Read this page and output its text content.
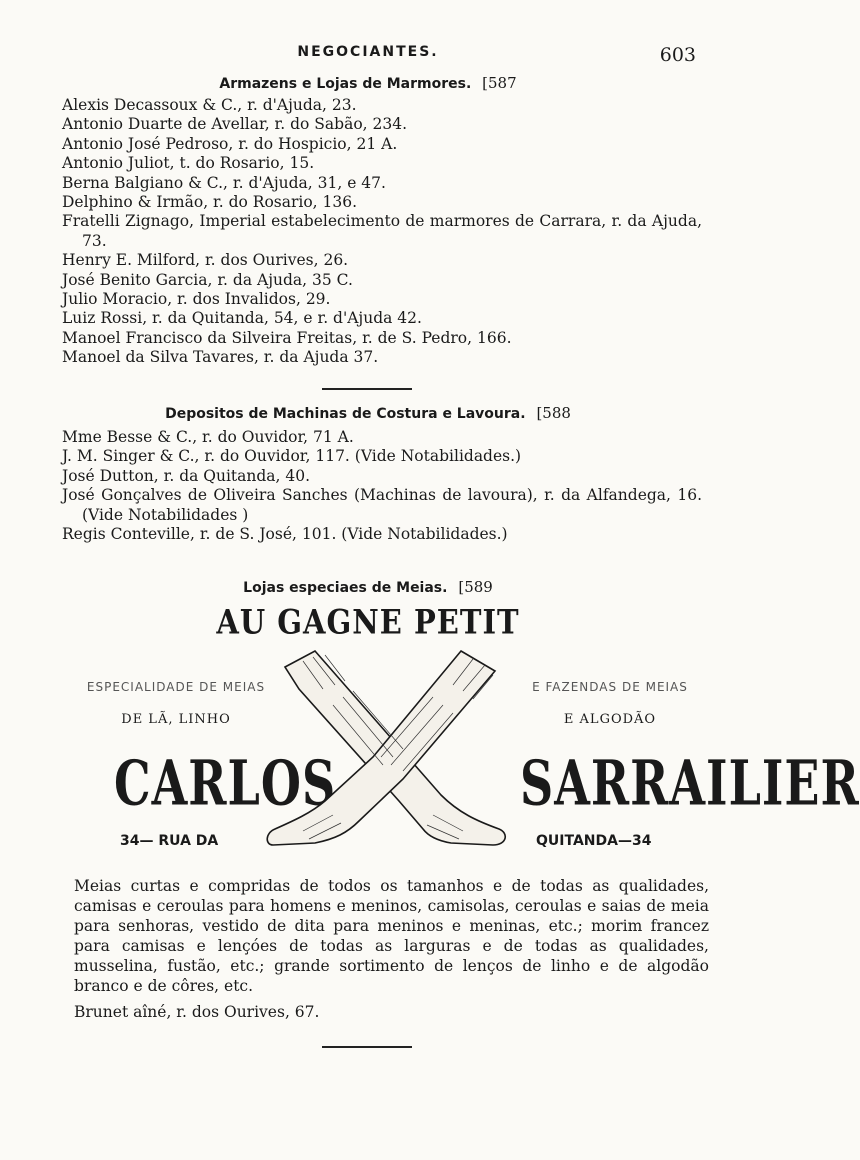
NEGOCIANTES.	603
Armazens e Lojas de Marmores. [587
Alexis Decassoux & C., r. d'Ajuda, 23.
Antonio Duarte de Avellar, r. do Sabão, 234.
Antonio José Pedroso, r. do Hospicio, 21 A.
Antonio Juliot, t. do Rosario, 15.
Berna Balgiano & C., r. d'Ajuda, 31, e 47.
Delphino & Irmão, r. do Rosario, 136.
Fratelli Zignago, Imperial estabelecimento de marmores de Carrara, r. da Ajuda, 73.
Henry E. Milford, r. dos Ourives, 26.
José Benito Garcia, r. da Ajuda, 35 C.
Julio Moracio, r. dos Invalidos, 29.
Luiz Rossi, r. da Quitanda, 54, e r. d'Ajuda 42.
Manoel Francisco da Silveira Freitas, r. de S. Pedro, 166.
Manoel da Silva Tavares, r. da Ajuda 37.
Depositos de Machinas de Costura e Lavoura. [588
Mme Besse & C., r. do Ouvidor, 71 A.
J. M. Singer & C., r. do Ouvidor, 117. (Vide Notabilidades.)
José Dutton, r. da Quitanda, 40.
José Gonçalves de Oliveira Sanches (Machinas de lavoura), r. da Alfandega, 16. (Vide Notabilidades )
Regis Conteville, r. de S. José, 101. (Vide Notabilidades.)
Lojas especiaes de Meias. [589
AU GAGNE PETIT
ESPECIALIDADE DE MEIAS
DE LÃ, LINHO
CARLOS
34— RUA DA
E FAZENDAS DE MEIAS
E ALGODÃO
SARRAILIER
QUITANDA—34
Meias curtas e compridas de todos os tamanhos e de todas as qualidades, camisas e ceroulas para homens e meninos, camisolas, ceroulas e saias de meia para senhoras, vestido de dita para meninos e meninas, etc.; morim francez para camisas e lençóes de todas as larguras e de todas as qualidades, musselina, fustão, etc.; grande sortimento de lenços de linho e de algodão branco e de côres, etc.
Brunet aîné, r. dos Ourives, 67.
